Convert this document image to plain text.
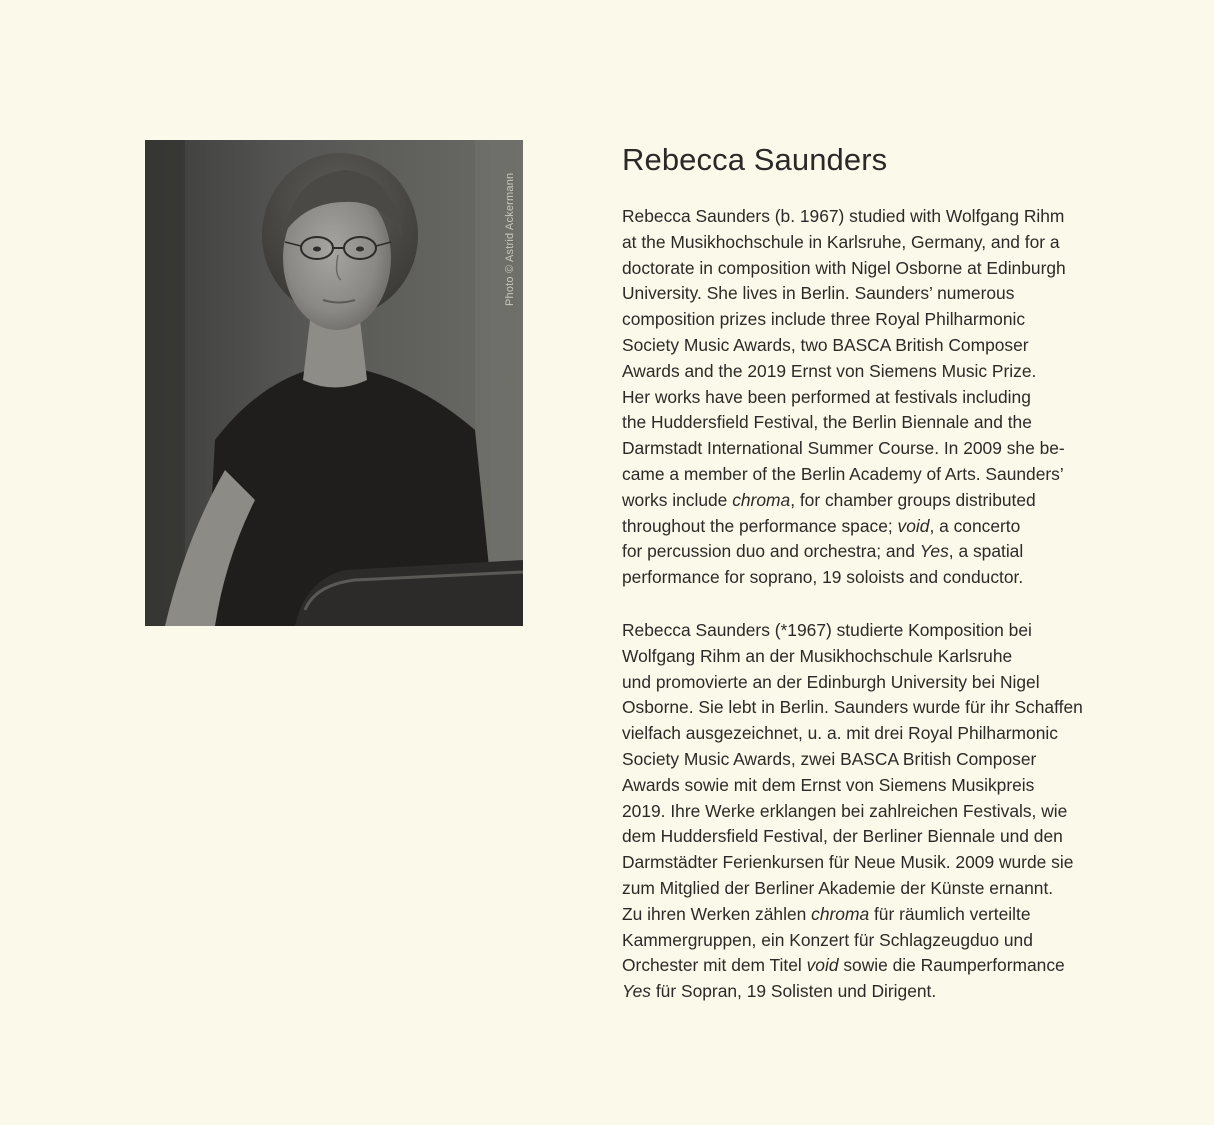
Photo © Astrid Ackermann
Rebecca Saunders

Rebecca Saunders (b. 1967) studied with Wolfgang Rihm
at the Musikhochschule in Karlsruhe, Germany, and for a
doctorate in composition with Nigel Osborne at Edinburgh
University. She lives in Berlin. Saunders’ numerous
composition prizes include three Royal Philharmonic
Society Music Awards, two BASCA British Composer
Awards and the 2019 Ernst von Siemens Music Prize.
Her works have been performed at festivals including
the Huddersfield Festival, the Berlin Biennale and the
Darmstadt International Summer Course. In 2009 she be-
came a member of the Berlin Academy of Arts. Saunders’
works include chroma, for chamber groups distributed
throughout the performance space; void, a concerto
for percussion duo and orchestra; and Yes, a spatial
performance for soprano, 19 soloists and conductor.

Rebecca Saunders (*1967) studierte Komposition bei
Wolfgang Rihm an der Musikhochschule Karlsruhe
und promovierte an der Edinburgh University bei Nigel
Osborne. Sie lebt in Berlin. Saunders wurde für ihr Schaffen
vielfach ausgezeichnet, u. a. mit drei Royal Philharmonic
Society Music Awards, zwei BASCA British Composer
Awards sowie mit dem Ernst von Siemens Musikpreis
2019. Ihre Werke erklangen bei zahlreichen Festivals, wie
dem Huddersfield Festival, der Berliner Biennale und den
Darmstädter Ferienkursen für Neue Musik. 2009 wurde sie
zum Mitglied der Berliner Akademie der Künste ernannt.
Zu ihren Werken zählen chroma für räumlich verteilte
Kammergruppen, ein Konzert für Schlagzeugduo und
Orchester mit dem Titel void sowie die Raumperformance
Yes für Sopran, 19 Solisten und Dirigent.
